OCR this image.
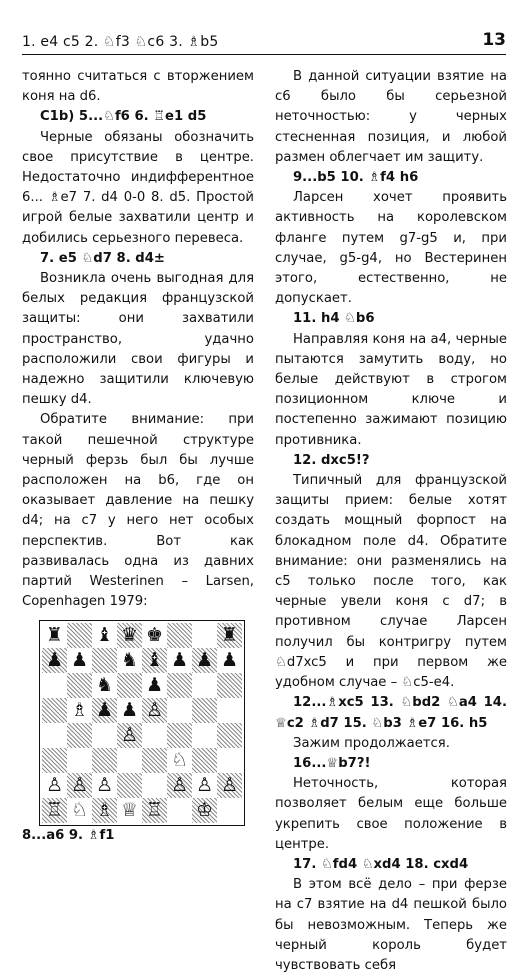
1. e4 c5 2. ♘f3 ♘c6 3. ♗b5	13

тоянно считаться с вторжением коня на d6.

C1b) 5...♘f6 6. ♖e1 d5

Черные обязаны обозначить свое присутствие в центре. Недостаточно индифферентное 6... ♗e7 7. d4 0-0 8. d5. Простой игрой белые захватили центр и добились серьезного перевеса.

7. e5 ♘d7 8. d4±

Возникла очень выгодная для белых редакция французской защиты: они захватили пространство, удачно расположили свои фигуры и надежно защитили ключевую пешку d4.

Обратите внимание: при такой пешечной структуре черный ферзь был бы лучше расположен на b6, где он оказывает давление на пешку d4; на c7 у него нет особых перспектив. Вот как развивалась одна из давних партий Westerinen – Larsen, Copenhagen 1979:

♜ ♝ ♛ ♚	♜
♟ ♟ ♞ ♝ ♟ ♟ ♟
♞ ♟
♗ ♟ ♟ ♙
♙
♘
♙ ♙ ♙	♙ ♙ ♙
♖ ♘ ♗ ♕ ♖ ♔

8...a6 9. ♗f1

В данной ситуации взятие на c6 было бы серьезной неточностью: у черных стесненная позиция, и любой размен облегчает им защиту.

9...b5 10. ♗f4 h6

Ларсен хочет проявить активность на королевском фланге путем g7-g5 и, при случае, g5-g4, но Вестеринен этого, естественно, не допускает.

11. h4 ♘b6

Направляя коня на a4, черные пытаются замутить воду, но белые действуют в строгом позиционном ключе и постепенно зажимают позицию противника.

12. dxc5!?

Типичный для французской защиты прием: белые хотят создать мощный форпост на блокадном поле d4. Обратите внимание: они разменялись на c5 только после того, как черные увели коня с d7; в противном случае Ларсен получил бы контригру путем ♘d7xc5 и при первом же удобном случае – ♘c5-e4.

12...♗xc5 13. ♘bd2 ♘a4 14. ♕c2 ♗d7 15. ♘b3 ♗e7 16. h5

Зажим продолжается.

16...♕b7?!

Неточность, которая позволяет белым еще больше укрепить свое положение в центре.

17. ♘fd4 ♘xd4 18. cxd4

В этом всё дело – при ферзе на c7 взятие на d4 пешкой было бы невозможным. Теперь же черный король будет чувствовать себя
